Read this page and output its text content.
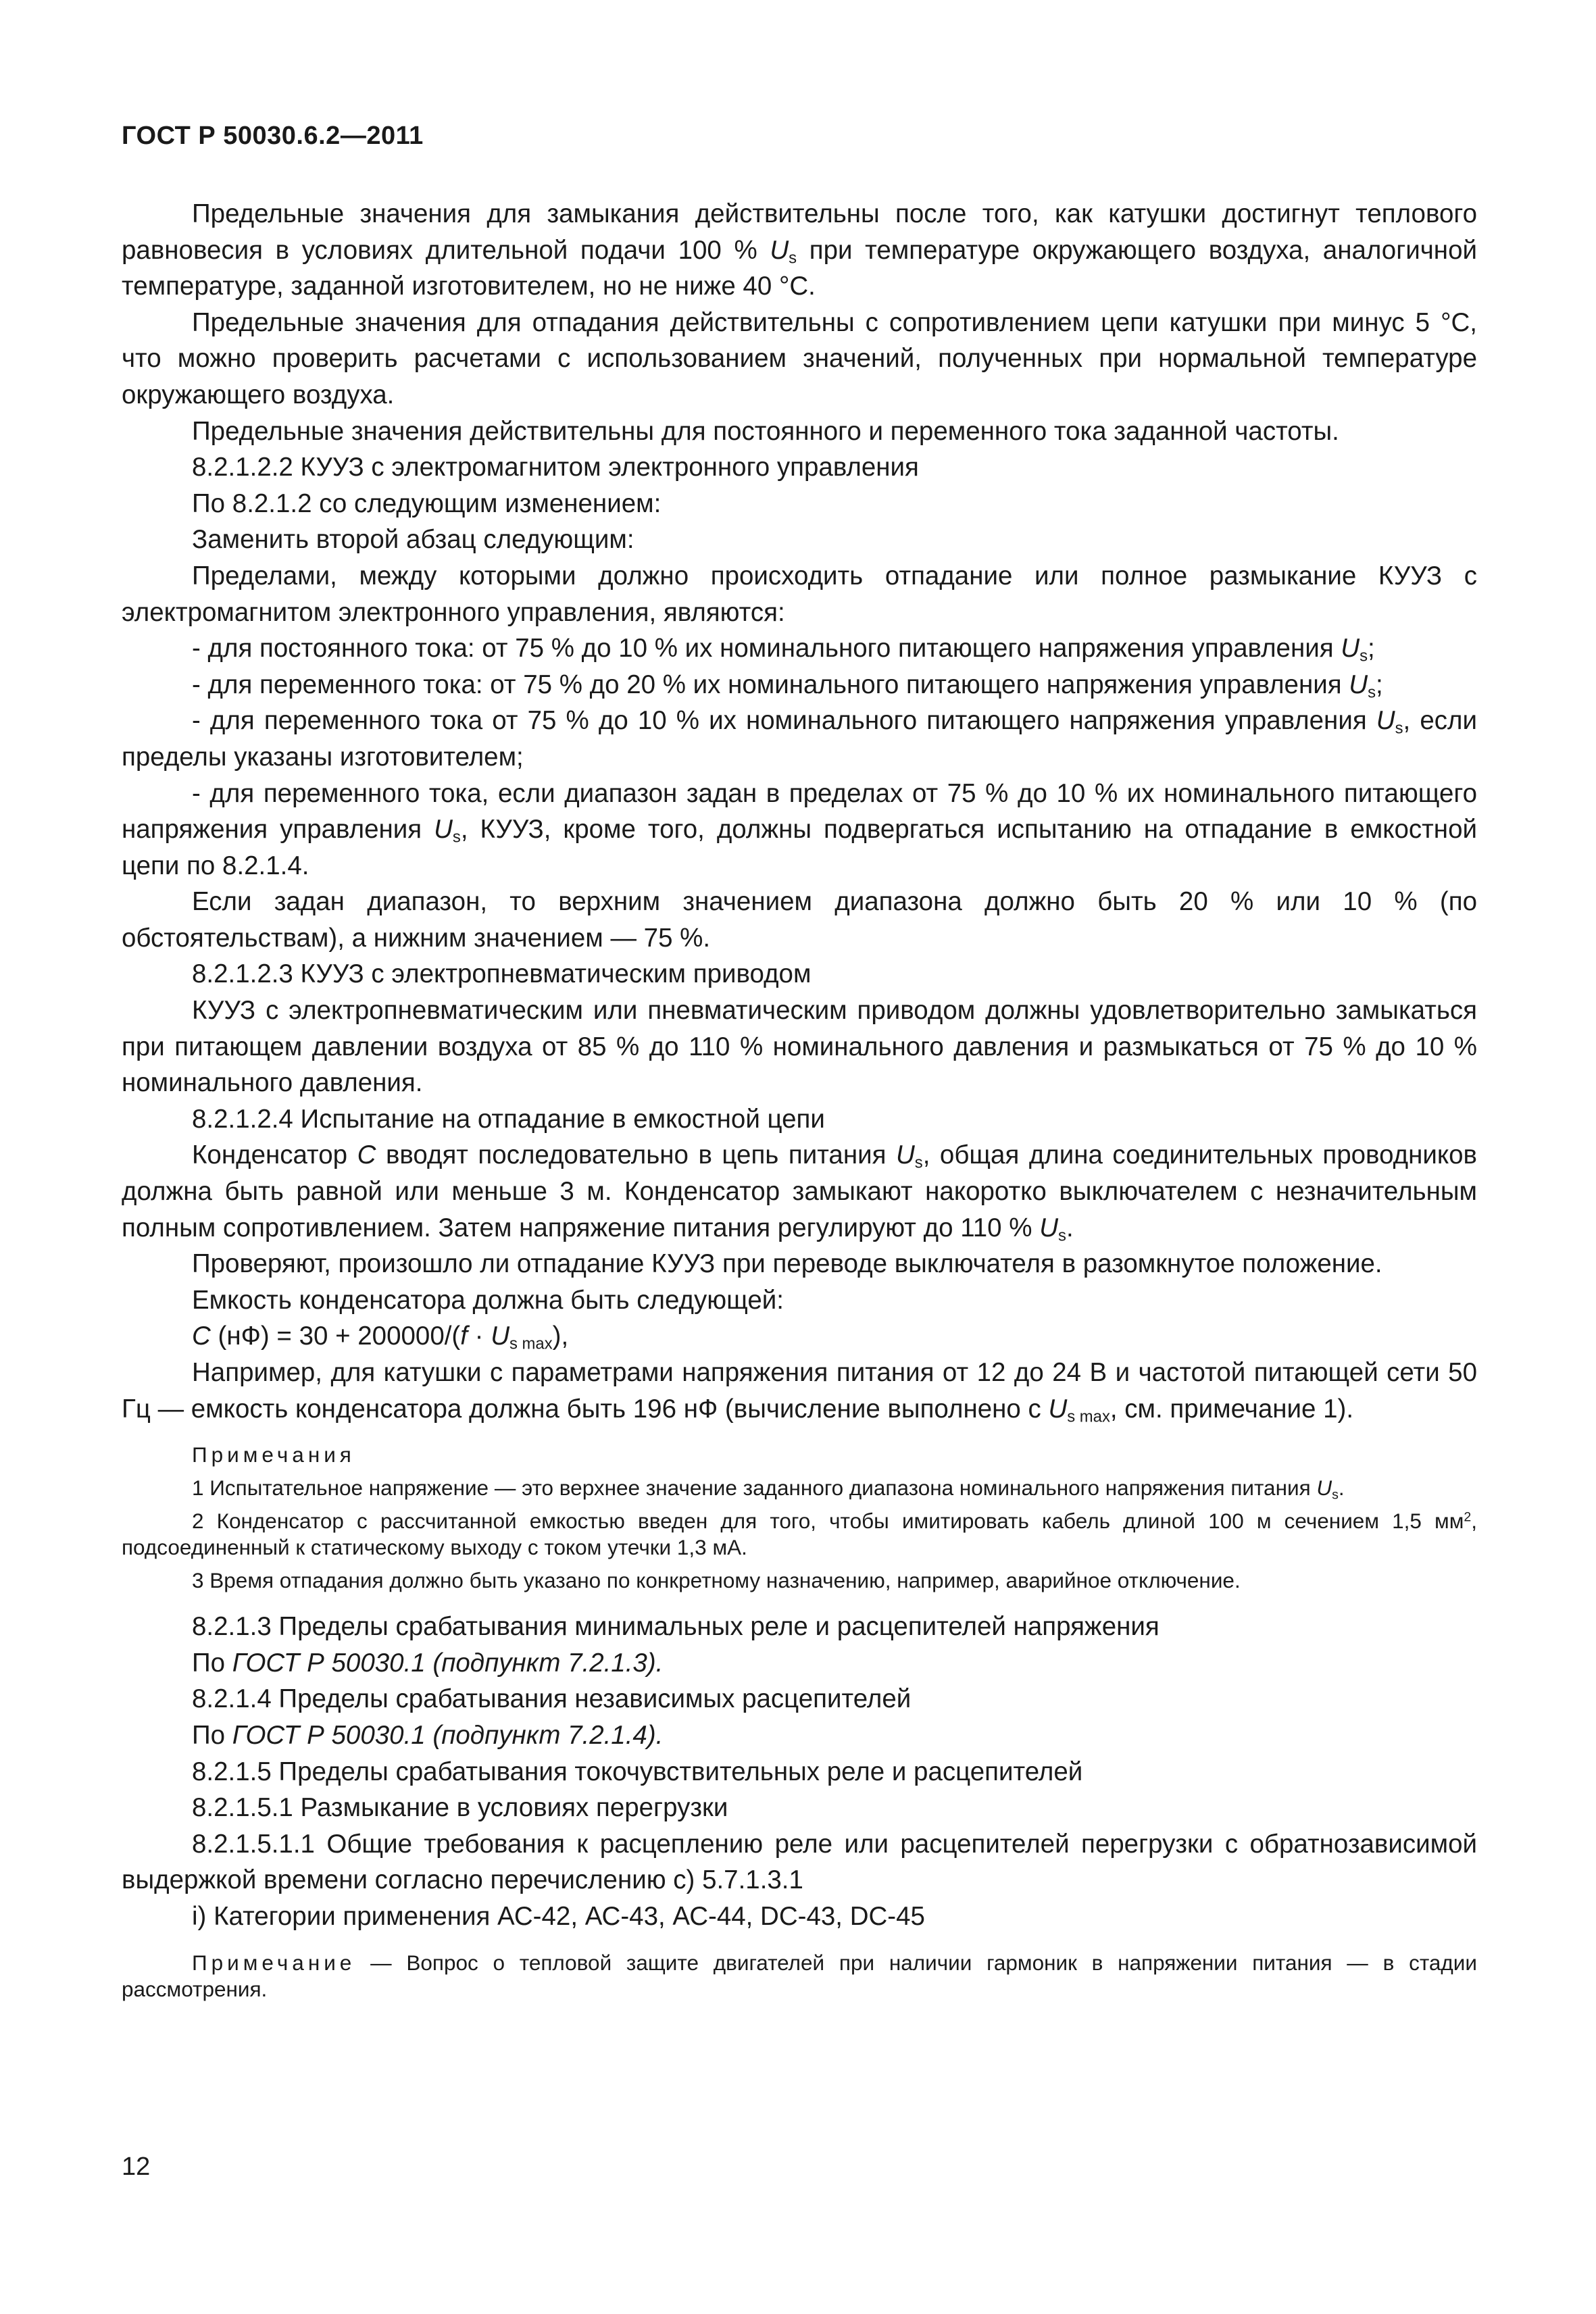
ГОСТ Р 50030.6.2—2011

Предельные значения для замыкания действительны после того, как катушки достигнут теплового равновесия в условиях длительной подачи 100 % $U_s$ при температуре окружающего воздуха, аналогичной температуре, заданной изготовителем, но не ниже 40 °С.

Предельные значения для отпадания действительны с сопротивлением цепи катушки при минус 5 °С, что можно проверить расчетами с использованием значений, полученных при нормальной температуре окружающего воздуха.

Предельные значения действительны для постоянного и переменного тока заданной частоты.

8.2.1.2.2 КУУЗ с электромагнитом электронного управления

По 8.2.1.2 со следующим изменением:

Заменить второй абзац следующим:

Пределами, между которыми должно происходить отпадание или полное размыкание КУУЗ с электромагнитом электронного управления, являются:

- для постоянного тока: от 75 % до 10 % их номинального питающего напряжения управления $U_s$;

- для переменного тока: от 75 % до 20 % их номинального питающего напряжения управления $U_s$;

- для переменного тока от 75 % до 10 % их номинального питающего напряжения управления $U_s$, если пределы указаны изготовителем;

- для переменного тока, если диапазон задан в пределах от 75 % до 10 % их номинального питающего напряжения управления $U_s$, КУУЗ, кроме того, должны подвергаться испытанию на отпадание в емкостной цепи по 8.2.1.4.

Если задан диапазон, то верхним значением диапазона должно быть 20 % или 10 % (по обстоятельствам), а нижним значением — 75 %.

8.2.1.2.3 КУУЗ с электропневматическим приводом

КУУЗ с электропневматическим или пневматическим приводом должны удовлетворительно замыкаться при питающем давлении воздуха от 85 % до 110 % номинального давления и размыкаться от 75 % до 10 % номинального давления.

8.2.1.2.4 Испытание на отпадание в емкостной цепи

Конденсатор C вводят последовательно в цепь питания $U_s$, общая длина соединительных проводников должна быть равной или меньше 3 м. Конденсатор замыкают накоротко выключателем с незначительным полным сопротивлением. Затем напряжение питания регулируют до 110 % $U_s$.

Проверяют, произошло ли отпадание КУУЗ при переводе выключателя в разомкнутое положение.

Емкость конденсатора должна быть следующей:

C $(нФ) = 30 + 200000/(f \cdot U_{s max})$,

Например, для катушки с параметрами напряжения питания от 12 до 24 В и частотой питающей сети 50 Гц — емкость конденсатора должна быть 196 нФ (вычисление выполнено с $U_{s max}$, см. примечание 1).

Примечания

1 Испытательное напряжение — это верхнее значение заданного диапазона номинального напряжения питания $U_s$.

2 Конденсатор с рассчитанной емкостью введен для того, чтобы имитировать кабель длиной 100 м сечением 1,5 $мм^2$, подсоединенный к статическому выходу с током утечки 1,3 мА.

3 Время отпадания должно быть указано по конкретному назначению, например, аварийное отключение.

8.2.1.3 Пределы срабатывания минимальных реле и расцепителей напряжения

По ГОСТ Р 50030.1 (подпункт 7.2.1.3).

8.2.1.4 Пределы срабатывания независимых расцепителей

По ГОСТ Р 50030.1 (подпункт 7.2.1.4).

8.2.1.5 Пределы срабатывания токочувствительных реле и расцепителей

8.2.1.5.1 Размыкание в условиях перегрузки

8.2.1.5.1.1 Общие требования к расцеплению реле или расцепителей перегрузки с обратнозависимой выдержкой времени согласно перечислению с) 5.7.1.3.1

i) Категории применения АС-42, АС-43, АС-44, DC-43, DC-45

Примечание — Вопрос о тепловой защите двигателей при наличии гармоник в напряжении питания — в стадии рассмотрения.

12
